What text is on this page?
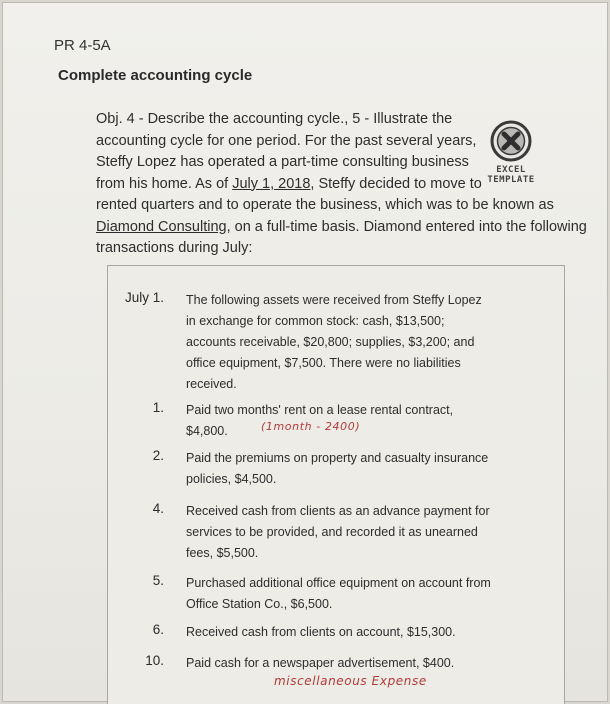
PR 4-5A
Complete accounting cycle
Obj. 4 - Describe the accounting cycle., 5 - Illustrate the
accounting cycle for one period. For the past several years,
Steffy Lopez has operated a part-time consulting business
from his home. As of July 1, 2018, Steffy decided to move to
rented quarters and to operate the business, which was to be known as
Diamond Consulting, on a full-time basis. Diamond entered into the following
transactions during July:
EXCEL TEMPLATE
July 1. The following assets were received from Steffy Lopez
in exchange for common stock: cash, $13,500;
accounts receivable, $20,800; supplies, $3,200; and
office equipment, $7,500. There were no liabilities
received.
1. Paid two months' rent on a lease rental contract,
$4,800.	(1month - 2400)
2. Paid the premiums on property and casualty insurance
policies, $4,500.
4. Received cash from clients as an advance payment for
services to be provided, and recorded it as unearned
fees, $5,500.
5. Purchased additional office equipment on account from
Office Station Co., $6,500.
6. Received cash from clients on account, $15,300.
10. Paid cash for a newspaper advertisement, $400.
miscellaneous Expense
